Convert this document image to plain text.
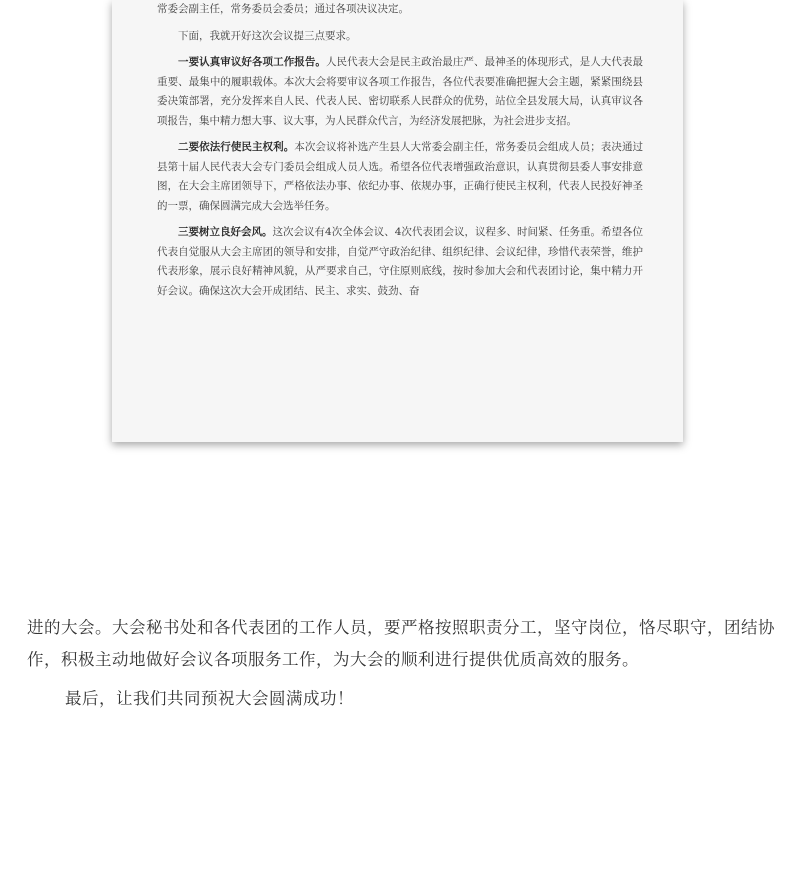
常委会副主任，常务委员会委员；通过各项决议决定。

下面，我就开好这次会议提三点要求。

一要认真审议好各项工作报告。人民代表大会是民主政治最庄严、最神圣的体现形式，是人大代表最重要、最集中的履职载体。本次大会将要审议各项工作报告，各位代表要准确把握大会主题，紧紧围绕县委决策部署，充分发挥来自人民、代表人民、密切联系人民群众的优势，站位全县发展大局，认真审议各项报告，集中精力想大事、议大事，为人民群众代言，为经济发展把脉，为社会进步支招。

二要依法行使民主权利。本次会议将补选产生县人大常委会副主任，常务委员会组成人员；表决通过县第十届人民代表大会专门委员会组成人员人选。希望各位代表增强政治意识，认真贯彻县委人事安排意图，在大会主席团领导下，严格依法办事、依纪办事、依规办事，正确行使民主权利，代表人民投好神圣的一票，确保圆满完成大会选举任务。

三要树立良好会风。这次会议有4次全体会议、4次代表团会议，议程多、时间紧、任务重。希望各位代表自觉服从大会主席团的领导和安排，自觉严守政治纪律、组织纪律、会议纪律，珍惜代表荣誉，维护代表形象，展示良好精神风貌，从严要求自己，守住原则底线，按时参加大会和代表团讨论，集中精力开好会议。确保这次大会开成团结、民主、求实、鼓劲、奋

进的大会。大会秘书处和各代表团的工作人员，要严格按照职责分工，坚守岗位，恪尽职守，团结协作，积极主动地做好会议各项服务工作，为大会的顺利进行提供优质高效的服务。

最后，让我们共同预祝大会圆满成功！
